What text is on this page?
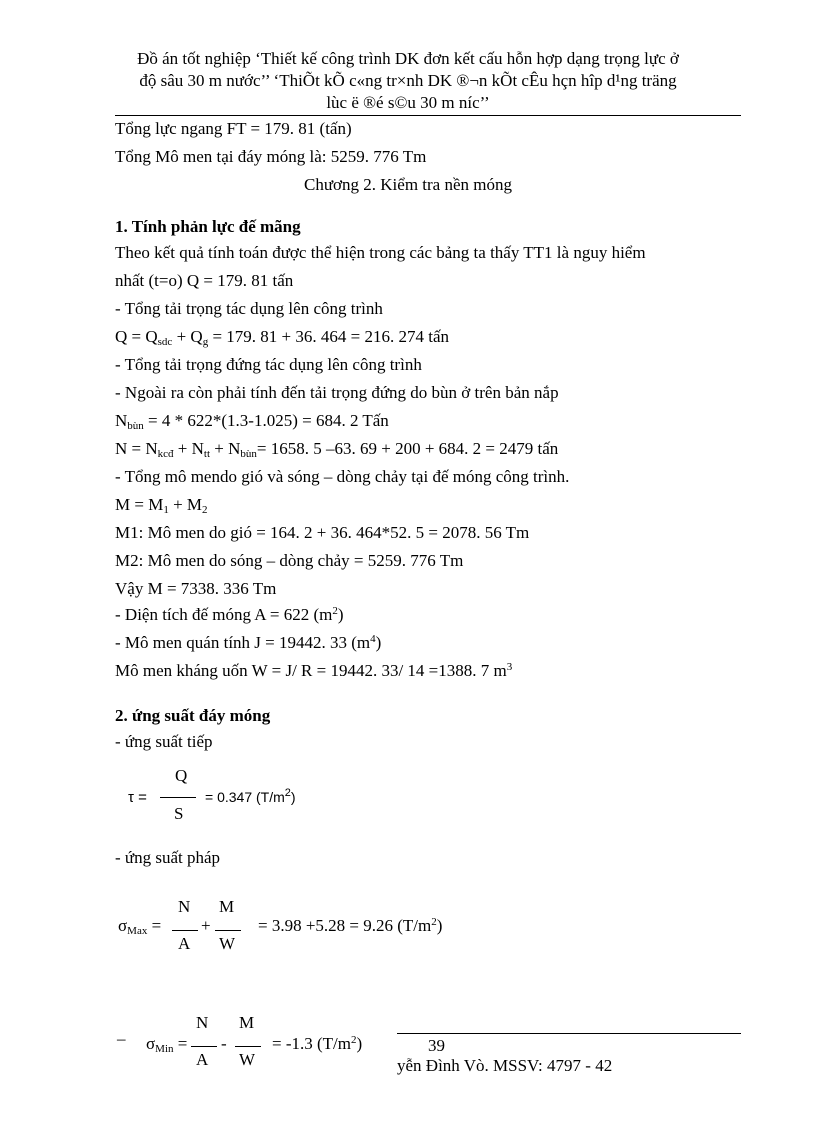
Đồ án tốt nghiệp ‘Thiết kế công trình DK đơn kết cấu hỗn hợp dạng trọng lực ở
độ sâu 30 m nước’’ ‘ThiÕt kÕ c«ng tr×nh DK ®¬n kÕt cÊu hçn hîp d¹ng träng
lùc ë ®é s©u 30 m níc’’
Tổng lực ngang FT = 179. 81 (tấn)
Tổng Mô men tại đáy móng là: 5259. 776 Tm
Chương 2. Kiểm tra nền móng
1. Tính phản lực đế mãng
Theo kết quả tính toán được thể hiện trong các bảng ta thấy TT1 là nguy hiểm
nhất (t=o) Q = 179. 81 tấn
- Tổng tải trọng tác dụng lên công trình
$Q = Q_{sdc} + Q_g = 179$. 81 + 36. 464 = 216. 274 tấn
- Tổng tải trọng đứng tác dụng lên công trình
- Ngoài ra còn phải tính đến tải trọng đứng do bùn ở trên bản nắp
$N_{bùn} = 4 * 622*(1.3-1.025) = 684$. 2 Tấn
$N = N_{kcđ} + N_{tt} + N_{bùn}= 1658$. 5 –63. 69 + 200 + 684. 2 = 2479 tấn
- Tổng mô mendo gió và sóng – dòng chảy tại đế móng công trình.
$M = M_1 + M_2$
M1: Mô men do gió = 164. 2 + 36. 464*52. 5 = 2078. 56 Tm
M2: Mô men do sóng – dòng chảy = 5259. 776 Tm
Vậy M = 7338. 336 Tm
- Diện tích đế móng A = 622 $(m^2)$
- Mô men quán tính J = 19442. 33 $(m^4)$
Mô men kháng uốn W = J/ R = 19442. 33/ 14 =1388. 7 $m^3$
2. ứng suất đáy móng
- ứng suất tiếp
τ =
Q
S
= 0.347 $(T/m^2)$
- ứng suất pháp
$\sigma_{Max}$ =
N
A
+
M
W
= 3.98 +5.28 = 9.26 $(T/m^2)$
– $\sigma_{Min}$ =
N
A
-
M
W
= -1.3 $(T/m^2)$	39
yễn Đình Vò. MSSV: 4797 - 42
